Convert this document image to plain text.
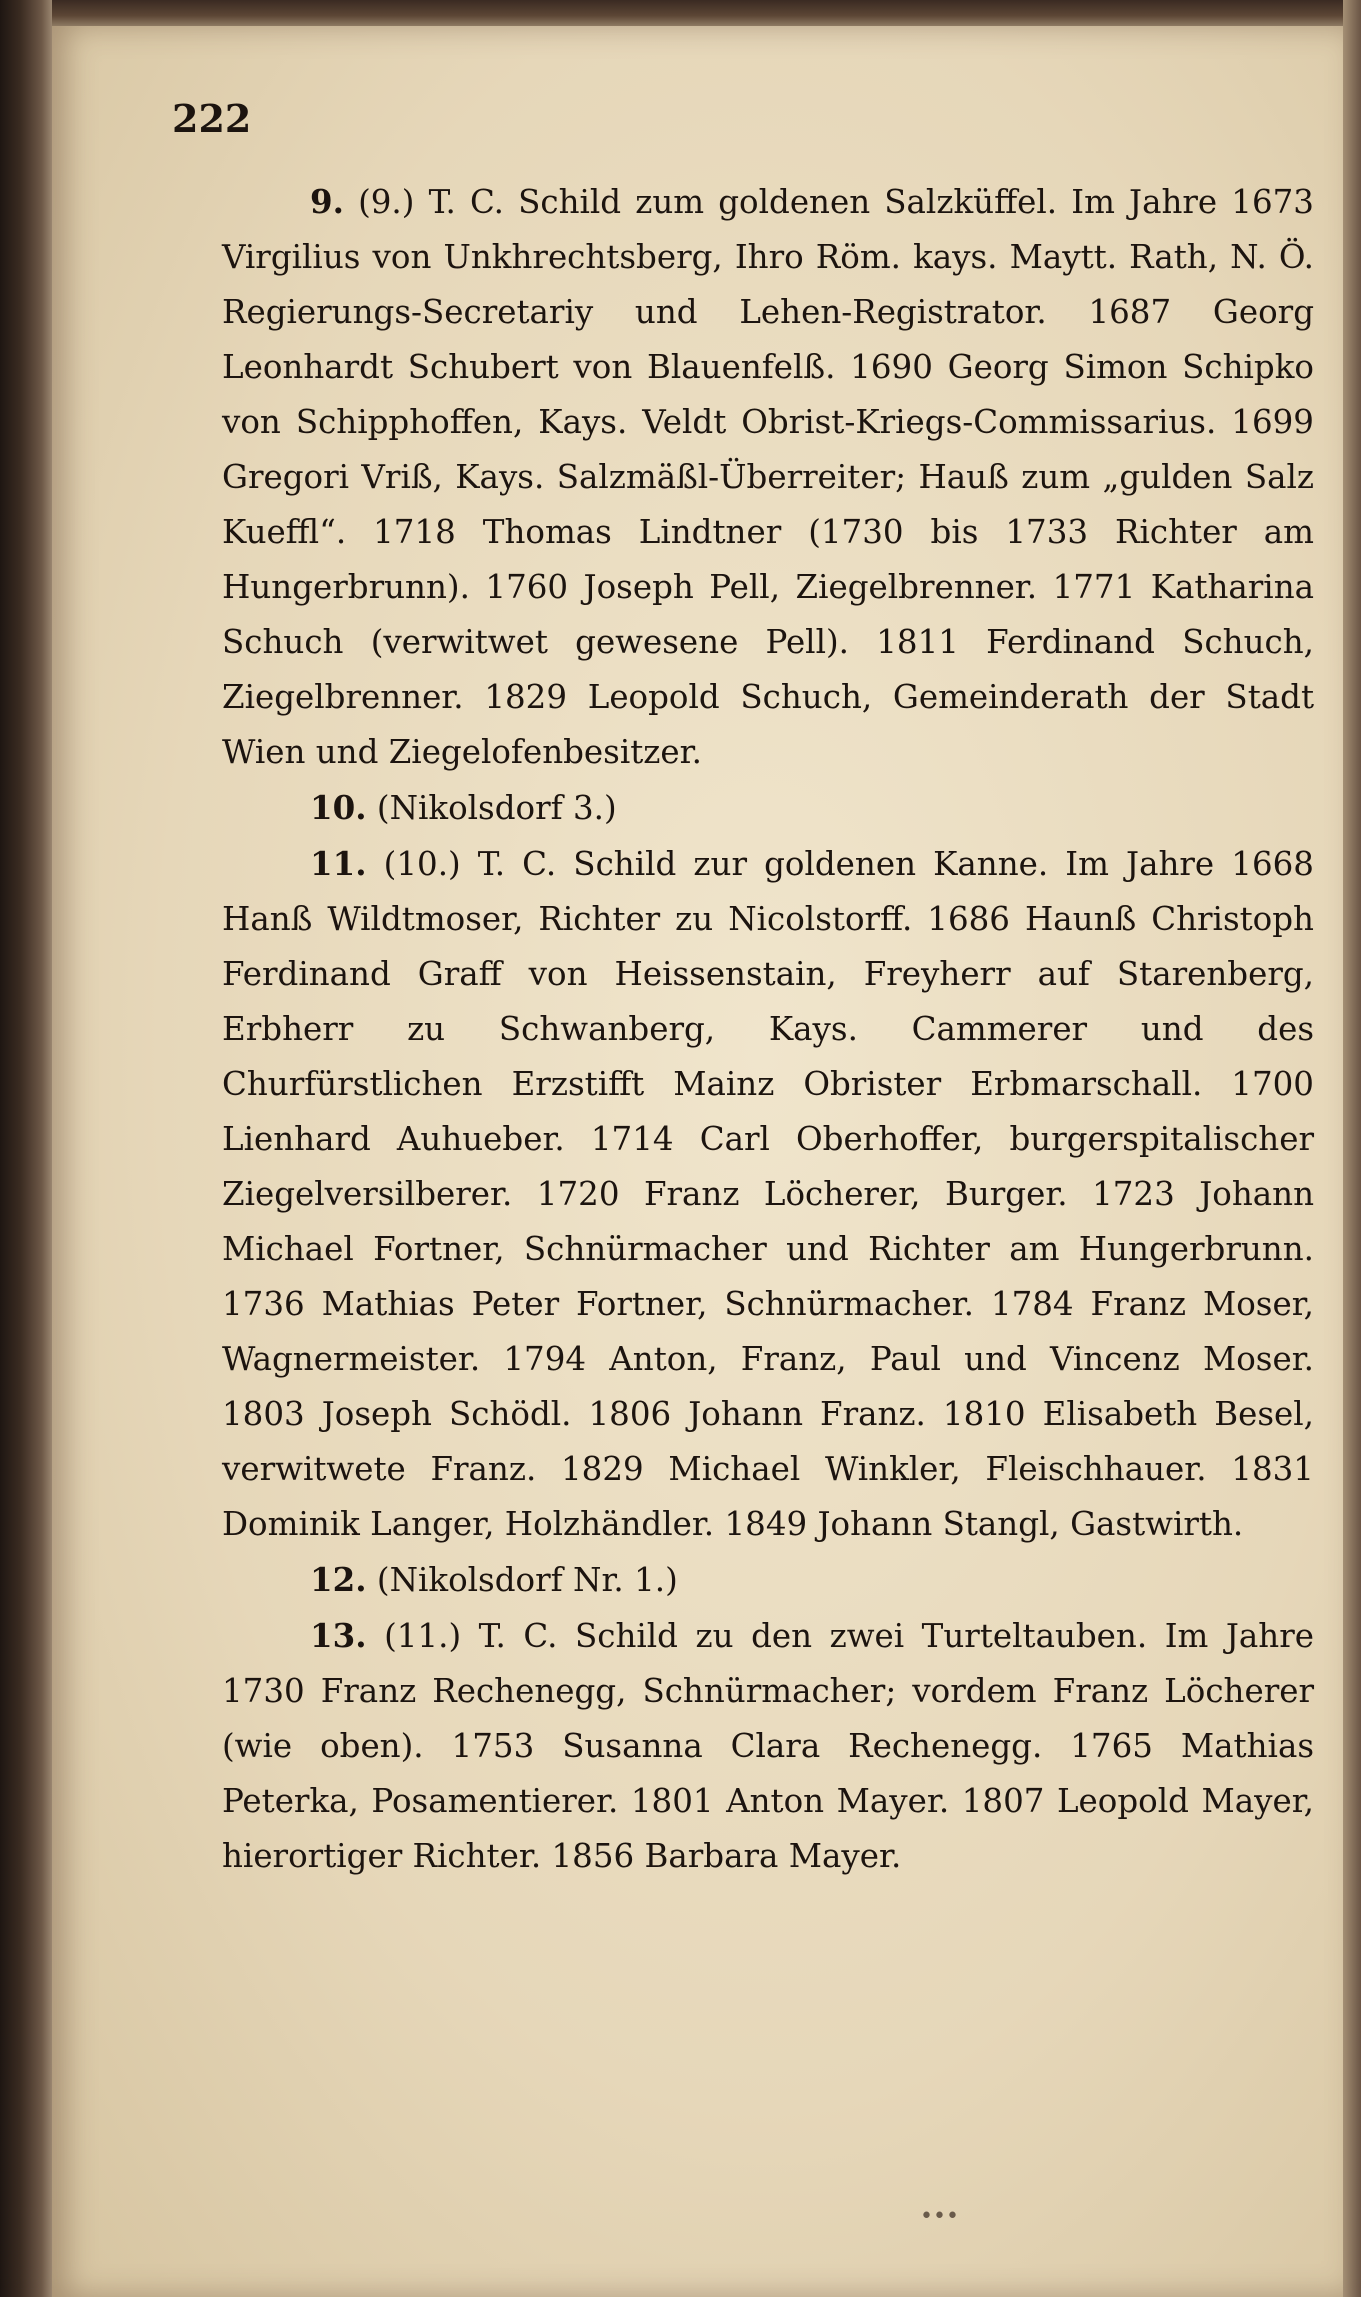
222

9. (9.) T. C. Schild zum goldenen Salzküffel. Im Jahre 1673 Virgilius von Unkhrechtsberg, Ihro Röm. kays. Maytt. Rath, N. Ö. Regierungs-Secretariy und Lehen-Registrator. 1687 Georg Leonhardt Schubert von Blauenfelß. 1690 Georg Simon Schipko von Schipphoffen, Kays. Veldt Obrist-Kriegs-Commissarius. 1699 Gregori Vriß, Kays. Salzmäßl-Überreiter; Hauß zum „gulden Salz Kueffl“. 1718 Thomas Lindtner (1730 bis 1733 Richter am Hungerbrunn). 1760 Joseph Pell, Ziegelbrenner. 1771 Katharina Schuch (verwitwet gewesene Pell). 1811 Ferdinand Schuch, Ziegelbrenner. 1829 Leopold Schuch, Gemeinderath der Stadt Wien und Ziegelofenbesitzer.

10. (Nikolsdorf 3.)

11. (10.) T. C. Schild zur goldenen Kanne. Im Jahre 1668 Hanß Wildtmoser, Richter zu Nicolstorff. 1686 Haunß Christoph Ferdinand Graff von Heissenstain, Freyherr auf Starenberg, Erbherr zu Schwanberg, Kays. Cammerer und des Churfürstlichen Erzstifft Mainz Obrister Erbmarschall. 1700 Lienhard Auhueber. 1714 Carl Oberhoffer, burgerspitalischer Ziegelversilberer. 1720 Franz Löcherer, Burger. 1723 Johann Michael Fortner, Schnürmacher und Richter am Hungerbrunn. 1736 Mathias Peter Fortner, Schnürmacher. 1784 Franz Moser, Wagnermeister. 1794 Anton, Franz, Paul und Vincenz Moser. 1803 Joseph Schödl. 1806 Johann Franz. 1810 Elisabeth Besel, verwitwete Franz. 1829 Michael Winkler, Fleischhauer. 1831 Dominik Langer, Holzhändler. 1849 Johann Stangl, Gastwirth.

12. (Nikolsdorf Nr. 1.)

13. (11.) T. C. Schild zu den zwei Turteltauben. Im Jahre 1730 Franz Rechenegg, Schnürmacher; vordem Franz Löcherer (wie oben). 1753 Susanna Clara Rechenegg. 1765 Mathias Peterka, Posamentierer. 1801 Anton Mayer. 1807 Leopold Mayer, hierortiger Richter. 1856 Barbara Mayer.

•••
